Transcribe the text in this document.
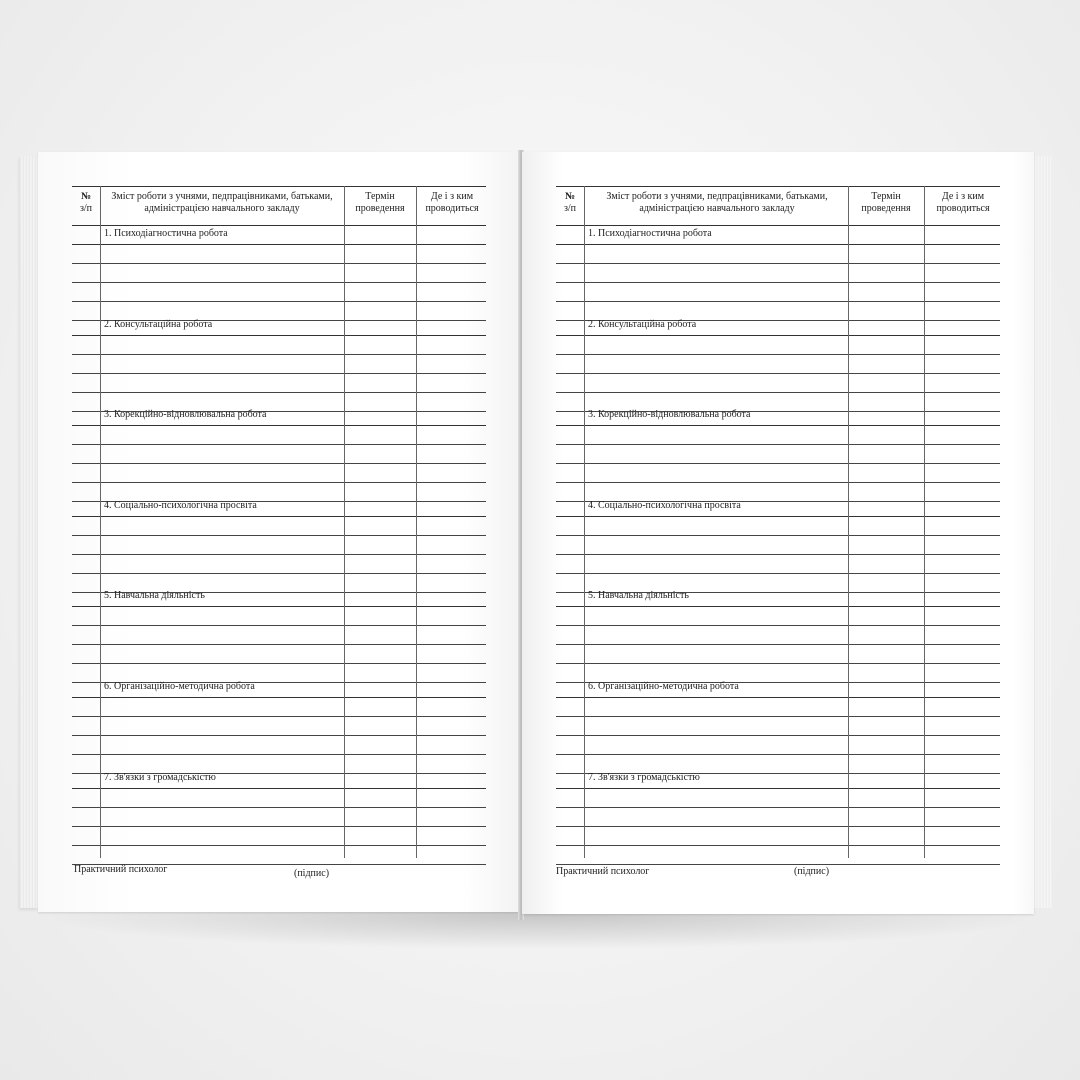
№
з/п
Зміст роботи з учнями, педпрацівниками, батьками, адміністрацією навчального закладу
Термін проведення
Де і з ким проводиться
1. Психодіагностична робота
2. Консультаційна робота
3. Корекційно-відновлювальна робота
4. Соціально-психологічна просвіта
5. Навчальна діяльність
6. Організаційно-методична робота
7. Зв'язки з громадськістю
Практичний психолог	(підпис)
№
з/п
Зміст роботи з учнями, педпрацівниками, батьками, адміністрацією навчального закладу
Термін проведення
Де і з ким проводиться
1. Психодіагностична робота
2. Консультаційна робота
3. Корекційно-відновлювальна робота
4. Соціально-психологічна просвіта
5. Навчальна діяльність
6. Організаційно-методична робота
7. Зв'язки з громадськістю
Практичний психолог	(підпис)
